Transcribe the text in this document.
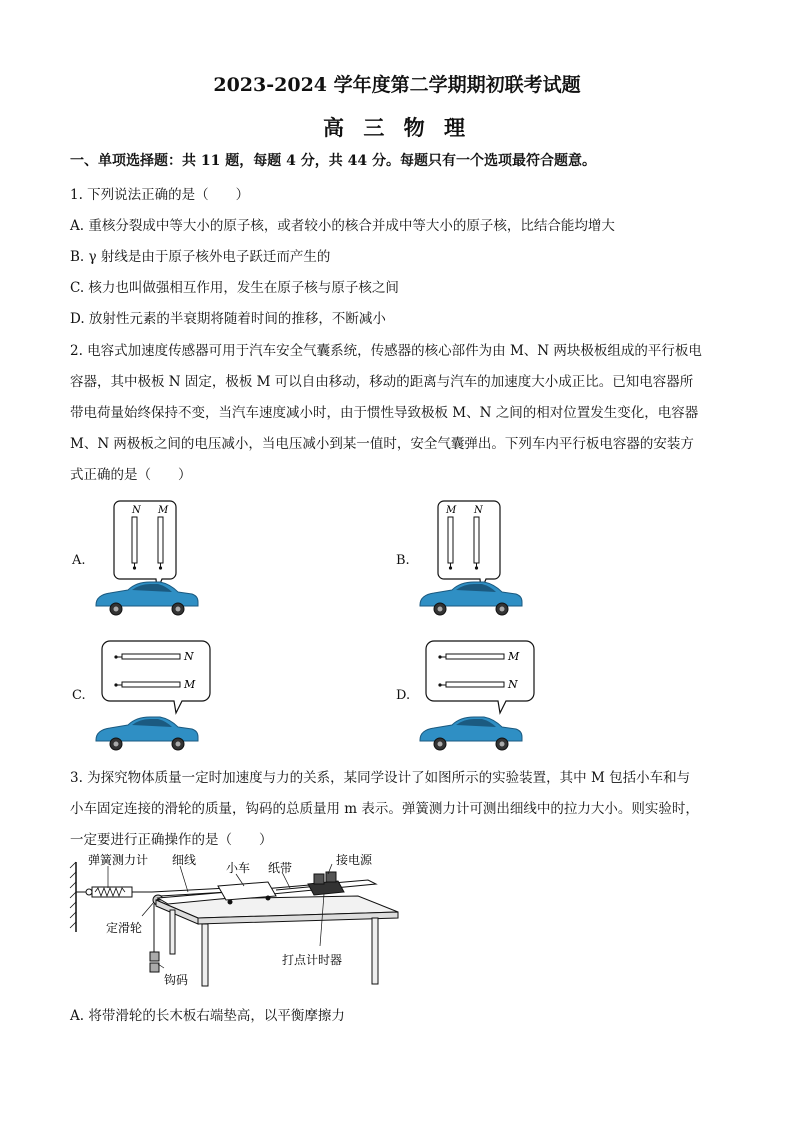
2023-2024 学年度第二学期期初联考试题
高 三 物 理
一、单项选择题：共 11 题，每题 4 分，共 44 分。每题只有一个选项最符合题意。
1. 下列说法正确的是（　　）
A. 重核分裂成中等大小的原子核，或者较小的核合并成中等大小的原子核，比结合能均增大
B. γ 射线是由于原子核外电子跃迁而产生的
C. 核力也叫做强相互作用，发生在原子核与原子核之间
D. 放射性元素的半衰期将随着时间的推移，不断减小
2. 电容式加速度传感器可用于汽车安全气囊系统，传感器的核心部件为由 M、N 两块极板组成的平行板电
容器，其中极板 N 固定，极板 M 可以自由移动，移动的距离与汽车的加速度大小成正比。已知电容器所
带电荷量始终保持不变，当汽车速度减小时，由于惯性导致极板 M、N 之间的相对位置发生变化，电容器
M、N 两极板之间的电压减小，当电压减小到某一值时，安全气囊弹出。下列车内平行板电容器的安装方
式正确的是（　　）
A.
N M
B.
M N
C.
N
M
D.
M
N
3. 为探究物体质量一定时加速度与力的关系，某同学设计了如图所示的实验装置，其中 M 包括小车和与
小车固定连接的滑轮的质量，钩码的总质量用 m 表示。弹簧测力计可测出细线中的拉力大小。则实验时，
一定要进行正确操作的是（　　）
弹簧测力计 细线
小车 纸带
接电源
定滑轮
打点计时器
钩码
A. 将带滑轮的长木板右端垫高，以平衡摩擦力
